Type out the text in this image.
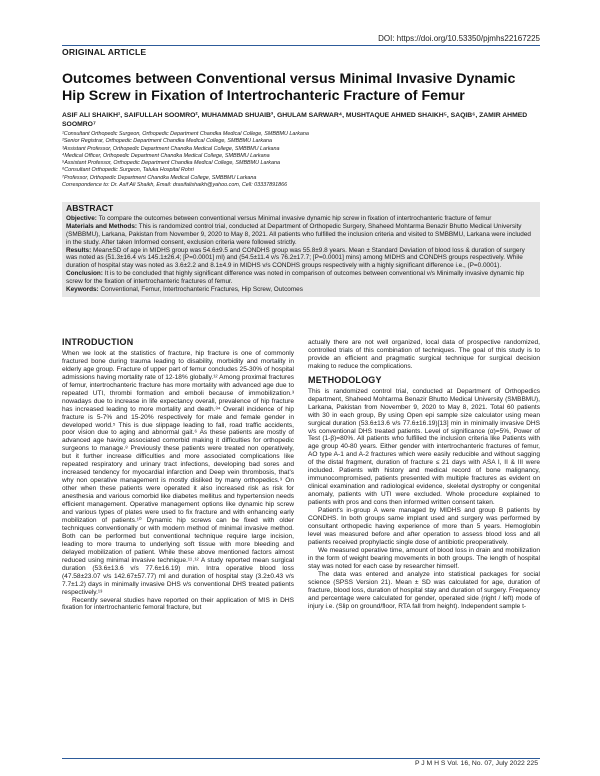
DOI: https://doi.org/10.53350/pjmhs22167225
ORIGINAL ARTICLE
Outcomes between Conventional versus Minimal Invasive Dynamic Hip Screw in Fixation of Intertrochanteric Fracture of Femur
ASIF ALI SHAIKH¹, SAIFULLAH SOOMRO², MUHAMMAD SHUAIB³, GHULAM SARWAR⁴, MUSHTAQUE AHMED SHAIKH⁵, SAQIB⁶, ZAMIR AHMED SOOMRO⁷
¹Consultant Orthopedic Surgeon, Orthopedic Department Chandka Medical College, SMBBMU Larkana
²Senior Registrar, Orthopedic Department Chandka Medical College, SMBBMU Larkana
³Assistant Professor, Orthopedic Department Chandka Medical College, SMBBMU Larkana
⁴Medical Officer, Orthopedic Department Chandka Medical College, SMBBMU Larkana
⁵Assistant Professor, Orthopedic Department Chandka Medical College, SMBBMU Larkana
⁶Consultant Orthopedic Surgeon, Taluka Hospital Rohri
⁷Professor, Orthopedic Department Chandka Medical College, SMBBMU Larkana
Correspondence to: Dr. Asif Ali Shaikh, Email: drasifalishaikh@yahoo.com, Cell: 03337891866
ABSTRACT

Objective: To compare the outcomes between conventional versus Minimal invasive dynamic hip screw in fixation of intertrochanteric fracture of femur

Materials and Methods: This is randomized control trial, conducted at Department of Orthopedic Surgery, Shaheed Mohtarma Benazir Bhutto Medical University (SMBBMU), Larkana, Pakistan from November 9, 2020 to May 8, 2021. All patients who fulfilled the inclusion criteria and visited to SMBBMU, Larkana were included in the study. After taken Informed consent, exclusion criteria were followed strictly.

Results: Mean±SD of age in MIDHS group was 54.6±9.5 and CONDHS group was 55.8±9.8 years. Mean ± Standard Deviation of blood loss & duration of surgery was noted as (51.3±16.4 v/s 145.1±26.4; [P=0.0001] ml) and (54.5±11.4 v/s 76.2±17.7; [P=0.0001] mins) among MIDHS and CONDHS groups respectively. While duration of hospital stay was noted as 3.6±2.2 and 8.1±4.9 in MIDHS v/s CONDHS groups respectively with a highly significant difference i.e., (P=0.0001).

Conclusion: It is to be concluded that highly significant difference was noted in comparison of outcomes between conventional v/s Minimally invasive dynamic hip screw for the fixation of intertrochanteric fractures of femur.

Keywords: Conventional, Femur, Intertrochanteric Fractures, Hip Screw, Outcomes

INTRODUCTION

When we look at the statistics of fracture, hip fracture is one of commonly fractured bone during trauma leading to disability, morbidity and mortality in elderly age group. Fracture of upper part of femur concludes 25-30% of hospital admissions having mortality rate of 12-18% globally.¹² Among proximal fractures of femur, intertrochanteric fracture has more mortality with advanced age due to repeated UTI, thrombi formation and emboli because of immobilization.³ nowadays due to increase in life expectancy overall, prevalence of hip fracture has increased leading to more mortality and death.³⁴ Overall incidence of hip fracture is 5-7% and 15-20% respectively for male and female gender in developed world.⁵ This is due slippage leading to fall, road traffic accidents, poor vision due to aging and abnormal gait.⁶ As these patients are mostly of advanced age having associated comorbid making it difficulties for orthopedic surgeons to manage.⁸ Previously these patients were treated non operatively, but it further increase difficulties and more associated complications like repeated respiratory and urinary tract infections, developing bad sores and increased tendency for myocardial infarction and Deep vein thrombosis, that's why non operative management is mostly disliked by many orthopedics.⁹ On other when these patients were operated it also increased risk as risk for anesthesia and various comorbid like diabetes mellitus and hypertension needs efficient management. Operative management options like dynamic hip screw and various types of plates were used to fix fracture and with enhancing early mobilization of patients.¹⁰ Dynamic hip screws can be fixed with older techniques conventionally or with modern method of minimal invasive method. Both can be performed but conventional technique require large incision, leading to more trauma to underlying soft tissue with more bleeding and delayed mobilization of patient. While these above mentioned factors almost reduced using minimal invasive technique.¹¹˒¹² A study reported mean surgical duration (53.6±13.6 v/s 77.6±16.19) min. Intra operative blood loss (47.58±23.07 v/s 142.67±57.77) ml and duration of hospital stay (3.2±0.43 v/s 7.7±1.2) days in minimally invasive DHS v/s conventional DHS treated patients respectively.¹³

Recently several studies have reported on their application of MIS in DHS fixation for intertrochanteric femoral fracture, but

actually there are not well organized, local data of prospective randomized, controlled trials of this combination of techniques. The goal of this study is to provide an efficient and pragmatic surgical technique for surgical decision making to reduce the complications.

METHODOLOGY

This is randomized control trial, conducted at Department of Orthopedics department, Shaheed Mohtarma Benazir Bhutto Medical University (SMBBMU), Larkana, Pakistan from November 9, 2020 to May 8, 2021. Total 60 patients with 30 in each group, By using Open epi sample size calculator using mean surgical duration (53.6±13.6 v/s 77.6±16.19)[13] min in minimally invasive DHS v/s conventional DHS treated patients. Level of significance (α)=5%, Power of Test (1-β)=80%. All patients who fulfilled the inclusion criteria like Patients with age group 40-80 years. Either gender with intertrochanteric fractures of femur, AO type A-1 and A-2 fractures which were easily reducible and without sagging of the distal fragment, duration of fracture ≤ 21 days with ASA I, II & III were included. Patients with history and medical record of bone malignancy, immunocompromised, patients presented with multiple fractures as evident on clinical examination and radiological evidence, skeletal dystrophy or congenital anomaly, patients with UTI were excluded. Whole procedure explained to patients with pros and cons then informed written consent taken.

Patient's in-group A were managed by MIDHS and group B patients by CONDHS. In both groups same implant used and surgery was performed by consultant orthopedic having experience of more than 5 years. Hemoglobin level was measured before and after operation to assess blood loss and all patients received prophylactic single dose of antibiotic preoperatively.

We measured operative time, amount of blood loss in drain and mobilization in the form of weight bearing movements in both groups. The length of hospital stay was noted for each case by researcher himself.

The data was entered and analyze into statistical packages for social science (SPSS Version 21). Mean ± SD was calculated for age, duration of fracture, blood loss, duration of hospital stay and duration of surgery. Frequency and percentage were calculated for gender, operated side (right / left) mode of injury i.e. (Slip on ground/floor, RTA fall from height). Independent sample t-

P J M H S Vol. 16, No. 07, July 2022 225
